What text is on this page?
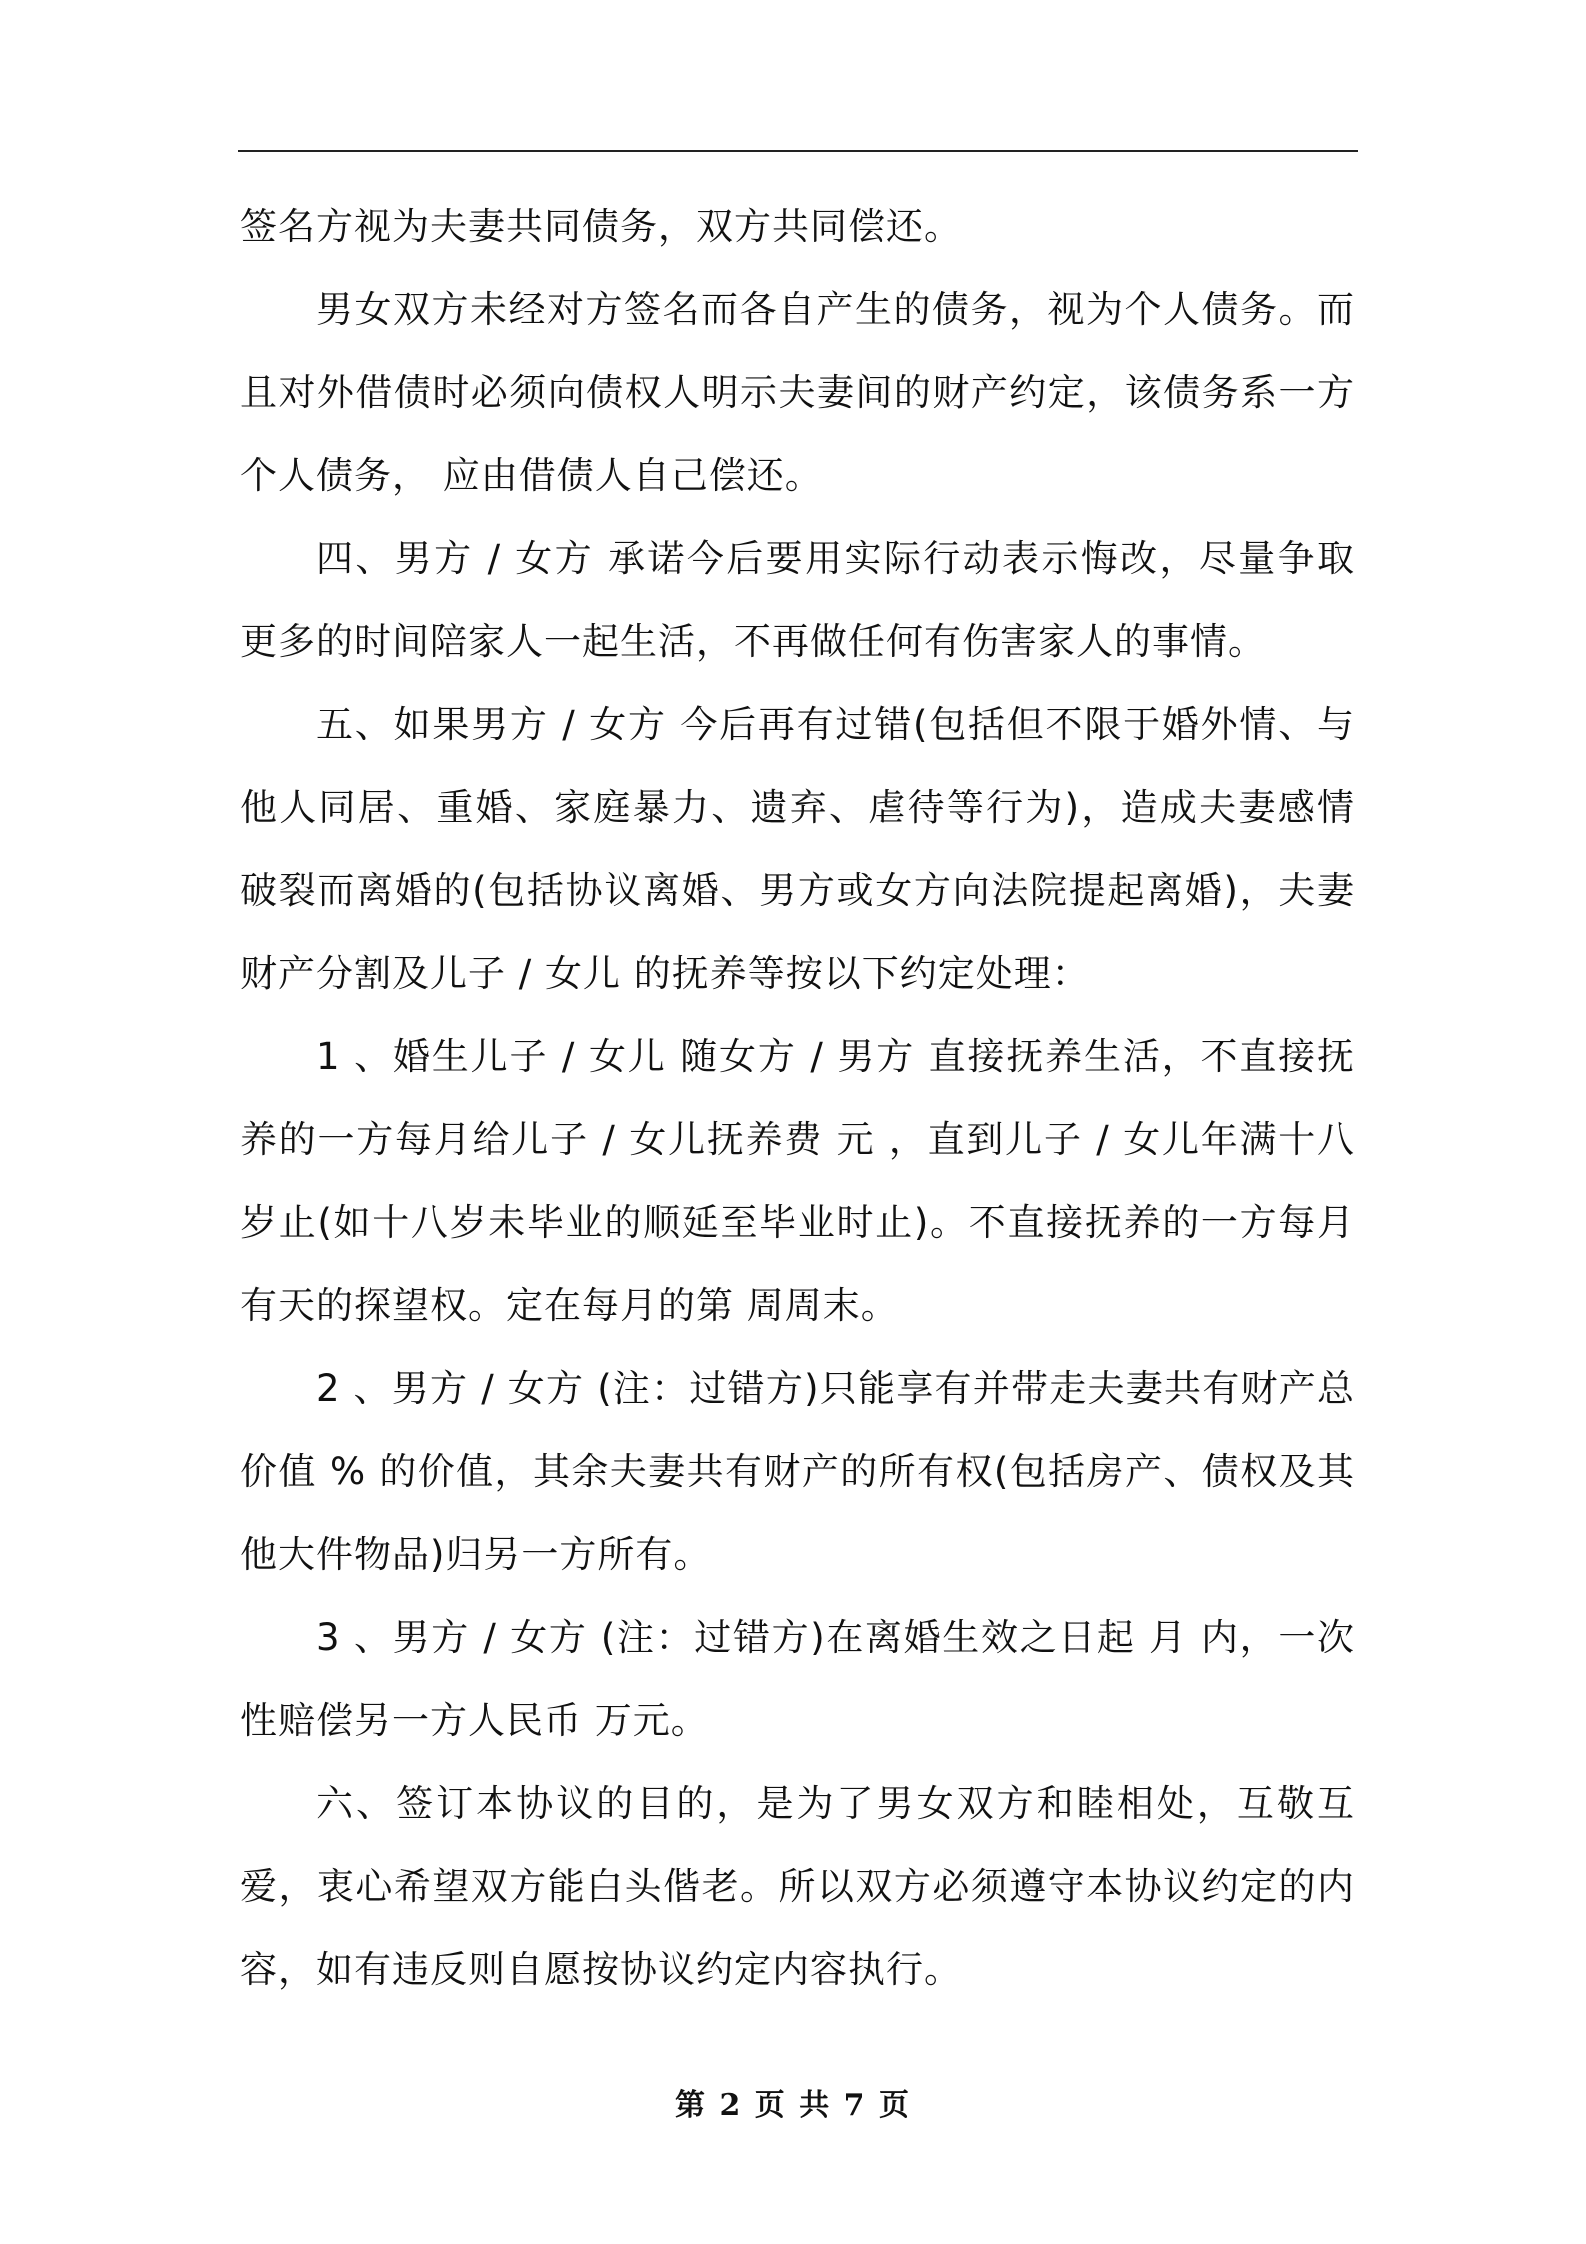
签名方视为夫妻共同债务，双方共同偿还。

男女双方未经对方签名而各自产生的债务，视为个人债务。而且对外借债时必须向债权人明示夫妻间的财产约定，该债务系一方个人债务， 应由借债人自己偿还。

四、男方 / 女方 承诺今后要用实际行动表示悔改，尽量争取更多的时间陪家人一起生活，不再做任何有伤害家人的事情。

五、如果男方 / 女方 今后再有过错(包括但不限于婚外情、与他人同居、重婚、家庭暴力、遗弃、虐待等行为)，造成夫妻感情破裂而离婚的(包括协议离婚、男方或女方向法院提起离婚)，夫妻财产分割及儿子 / 女儿 的抚养等按以下约定处理：

1 、婚生儿子 / 女儿 随女方 / 男方 直接抚养生活，不直接抚养的一方每月给儿子 / 女儿抚养费 元 ，直到儿子 / 女儿年满十八岁止(如十八岁未毕业的顺延至毕业时止)。不直接抚养的一方每月有天的探望权。定在每月的第 周周末。

2 、男方 / 女方 (注：过错方)只能享有并带走夫妻共有财产总价值 % 的价值，其余夫妻共有财产的所有权(包括房产、债权及其他大件物品)归另一方所有。

3 、男方 / 女方 (注：过错方)在离婚生效之日起 月 内，一次性赔偿另一方人民币 万元。

六、签订本协议的目的，是为了男女双方和睦相处，互敬互爱，衷心希望双方能白头偕老。所以双方必须遵守本协议约定的内容，如有违反则自愿按协议约定内容执行。

第 2 页 共 7 页
